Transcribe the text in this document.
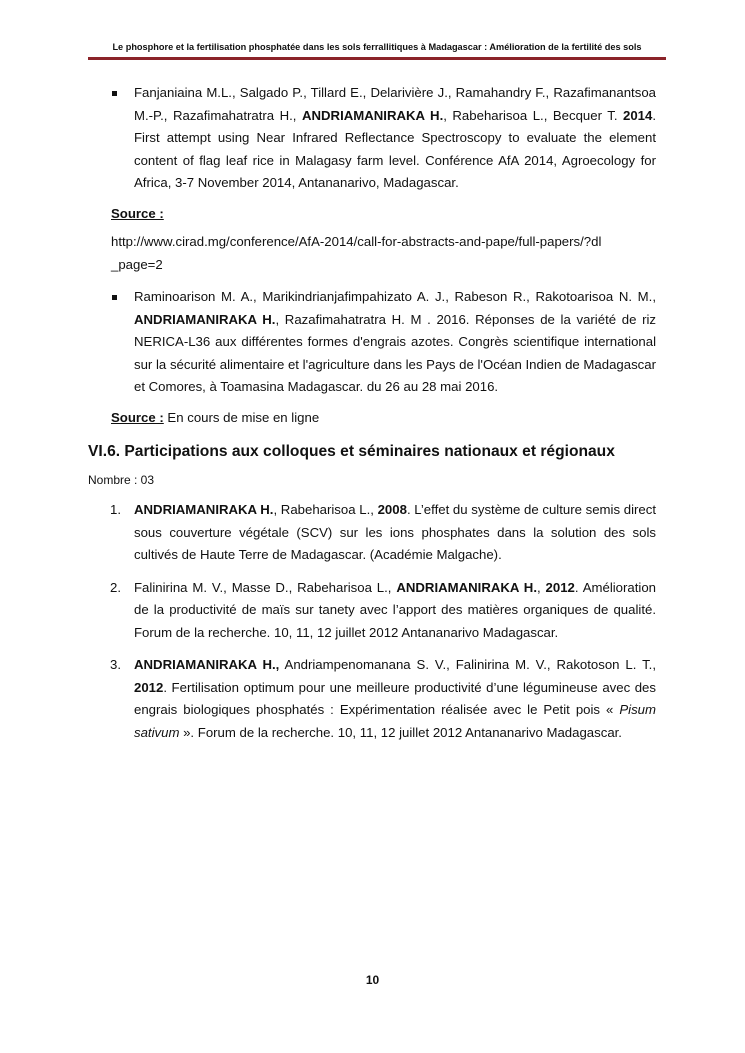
Le phosphore et la fertilisation phosphatée dans les sols ferrallitiques à Madagascar : Amélioration de la fertilité des sols
Fanjaniaina M.L., Salgado P., Tillard E., Delarivière J., Ramahandry F., Razafimanantsoa M.-P., Razafimahatratra H., ANDRIAMANIRAKA H., Rabeharisoa L., Becquer T. 2014. First attempt using Near Infrared Reflectance Spectroscopy to evaluate the element content of flag leaf rice in Malagasy farm level. Conférence AfA 2014, Agroecology for Africa, 3-7 November 2014, Antananarivo, Madagascar.
Source :
http://www.cirad.mg/conference/AfA-2014/call-for-abstracts-and-pape/full-papers/?dl_page=2
Raminoarison M. A., Marikindrianjafimpahizato A. J., Rabeson R., Rakotoarisoa N. M., ANDRIAMANIRAKA H., Razafimahatratra H. M . 2016. Réponses de la variété de riz NERICA-L36 aux différentes formes d'engrais azotes. Congrès scientifique international sur la sécurité alimentaire et l'agriculture dans les Pays de l'Océan Indien de Madagascar et Comores, à Toamasina Madagascar. du 26 au 28 mai 2016.
Source : En cours de mise en ligne
VI.6. Participations aux colloques et séminaires nationaux et régionaux
Nombre : 03
1. ANDRIAMANIRAKA H., Rabeharisoa L., 2008. L’effet du système de culture semis direct sous couverture végétale (SCV) sur les ions phosphates dans la solution des sols cultivés de Haute Terre de Madagascar. (Académie Malgache).
2. Falinirina M. V., Masse D., Rabeharisoa L., ANDRIAMANIRAKA H., 2012. Amélioration de la productivité de maïs sur tanety avec l’apport des matières organiques de qualité. Forum de la recherche. 10, 11, 12 juillet 2012 Antananarivo Madagascar.
3. ANDRIAMANIRAKA H., Andriampenomanana S. V., Falinirina M. V., Rakotoson L. T., 2012. Fertilisation optimum pour une meilleure productivité d’une légumineuse avec des engrais biologiques phosphatés : Expérimentation réalisée avec le Petit pois « Pisum sativum ». Forum de la recherche. 10, 11, 12 juillet 2012 Antananarivo Madagascar.
10
